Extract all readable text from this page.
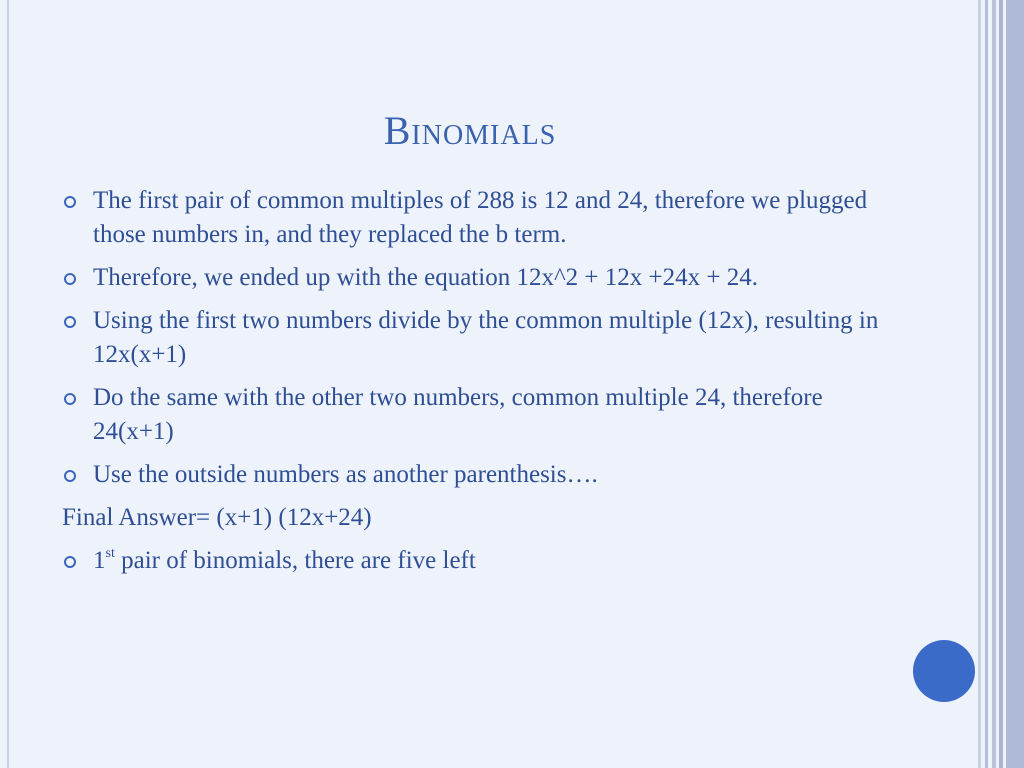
Binomials
The first pair of common multiples of 288 is 12 and 24, therefore we plugged those numbers in, and they replaced the b term.
Therefore, we ended up with the equation 12x^2 + 12x +24x + 24.
Using the first two numbers divide by the common multiple (12x), resulting in 12x(x+1)
Do the same with the other two numbers, common multiple 24, therefore 24(x+1)
Use the outside numbers as another parenthesis….
Final Answer= (x+1) (12x+24)
1st pair of binomials, there are five left
